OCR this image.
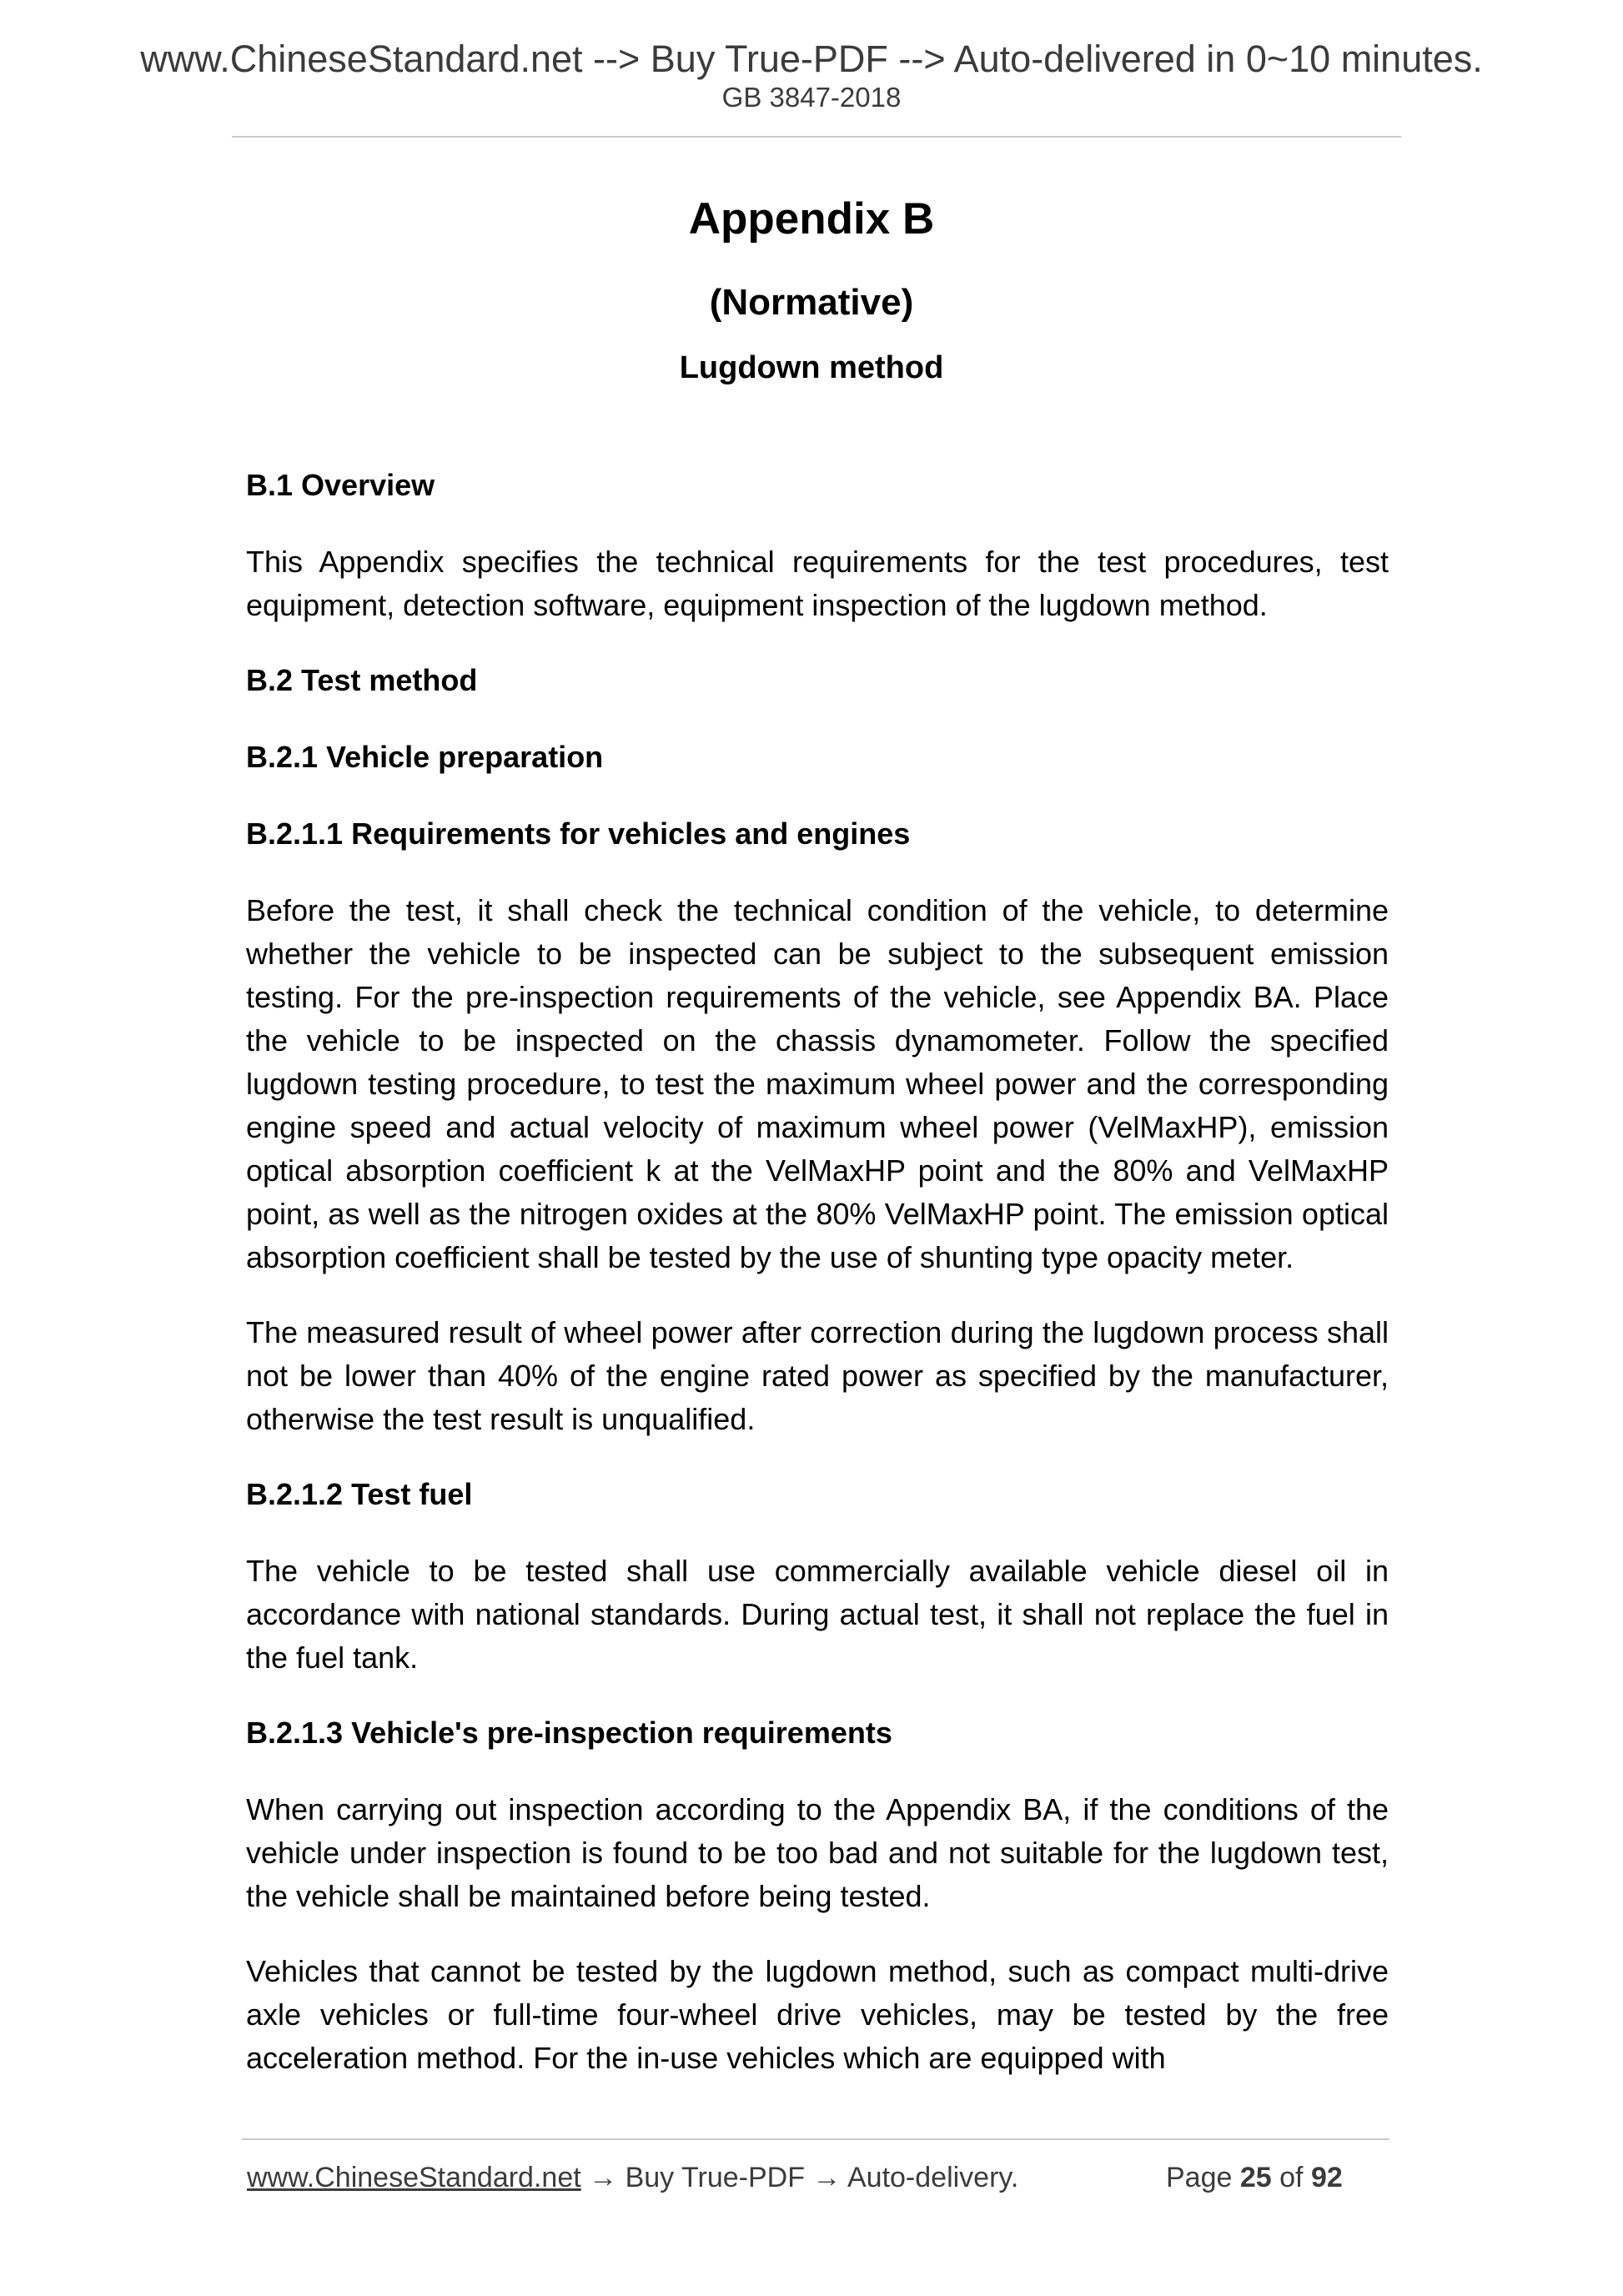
www.ChineseStandard.net --> Buy True-PDF --> Auto-delivered in 0~10 minutes.
GB 3847-2018
Appendix B
(Normative)
Lugdown method
B.1 Overview
This Appendix specifies the technical requirements for the test procedures, test equipment, detection software, equipment inspection of the lugdown method.
B.2 Test method
B.2.1 Vehicle preparation
B.2.1.1 Requirements for vehicles and engines
Before the test, it shall check the technical condition of the vehicle, to determine whether the vehicle to be inspected can be subject to the subsequent emission testing. For the pre-inspection requirements of the vehicle, see Appendix BA. Place the vehicle to be inspected on the chassis dynamometer. Follow the specified lugdown testing procedure, to test the maximum wheel power and the corresponding engine speed and actual velocity of maximum wheel power (VelMaxHP), emission optical absorption coefficient k at the VelMaxHP point and the 80% and VelMaxHP point, as well as the nitrogen oxides at the 80% VelMaxHP point. The emission optical absorption coefficient shall be tested by the use of shunting type opacity meter.
The measured result of wheel power after correction during the lugdown process shall not be lower than 40% of the engine rated power as specified by the manufacturer, otherwise the test result is unqualified.
B.2.1.2 Test fuel
The vehicle to be tested shall use commercially available vehicle diesel oil in accordance with national standards. During actual test, it shall not replace the fuel in the fuel tank.
B.2.1.3 Vehicle's pre-inspection requirements
When carrying out inspection according to the Appendix BA, if the conditions of the vehicle under inspection is found to be too bad and not suitable for the lugdown test, the vehicle shall be maintained before being tested.
Vehicles that cannot be tested by the lugdown method, such as compact multi-drive axle vehicles or full-time four-wheel drive vehicles, may be tested by the free acceleration method. For the in-use vehicles which are equipped with
www.ChineseStandard.net → Buy True-PDF → Auto-delivery.	Page 25 of 92
